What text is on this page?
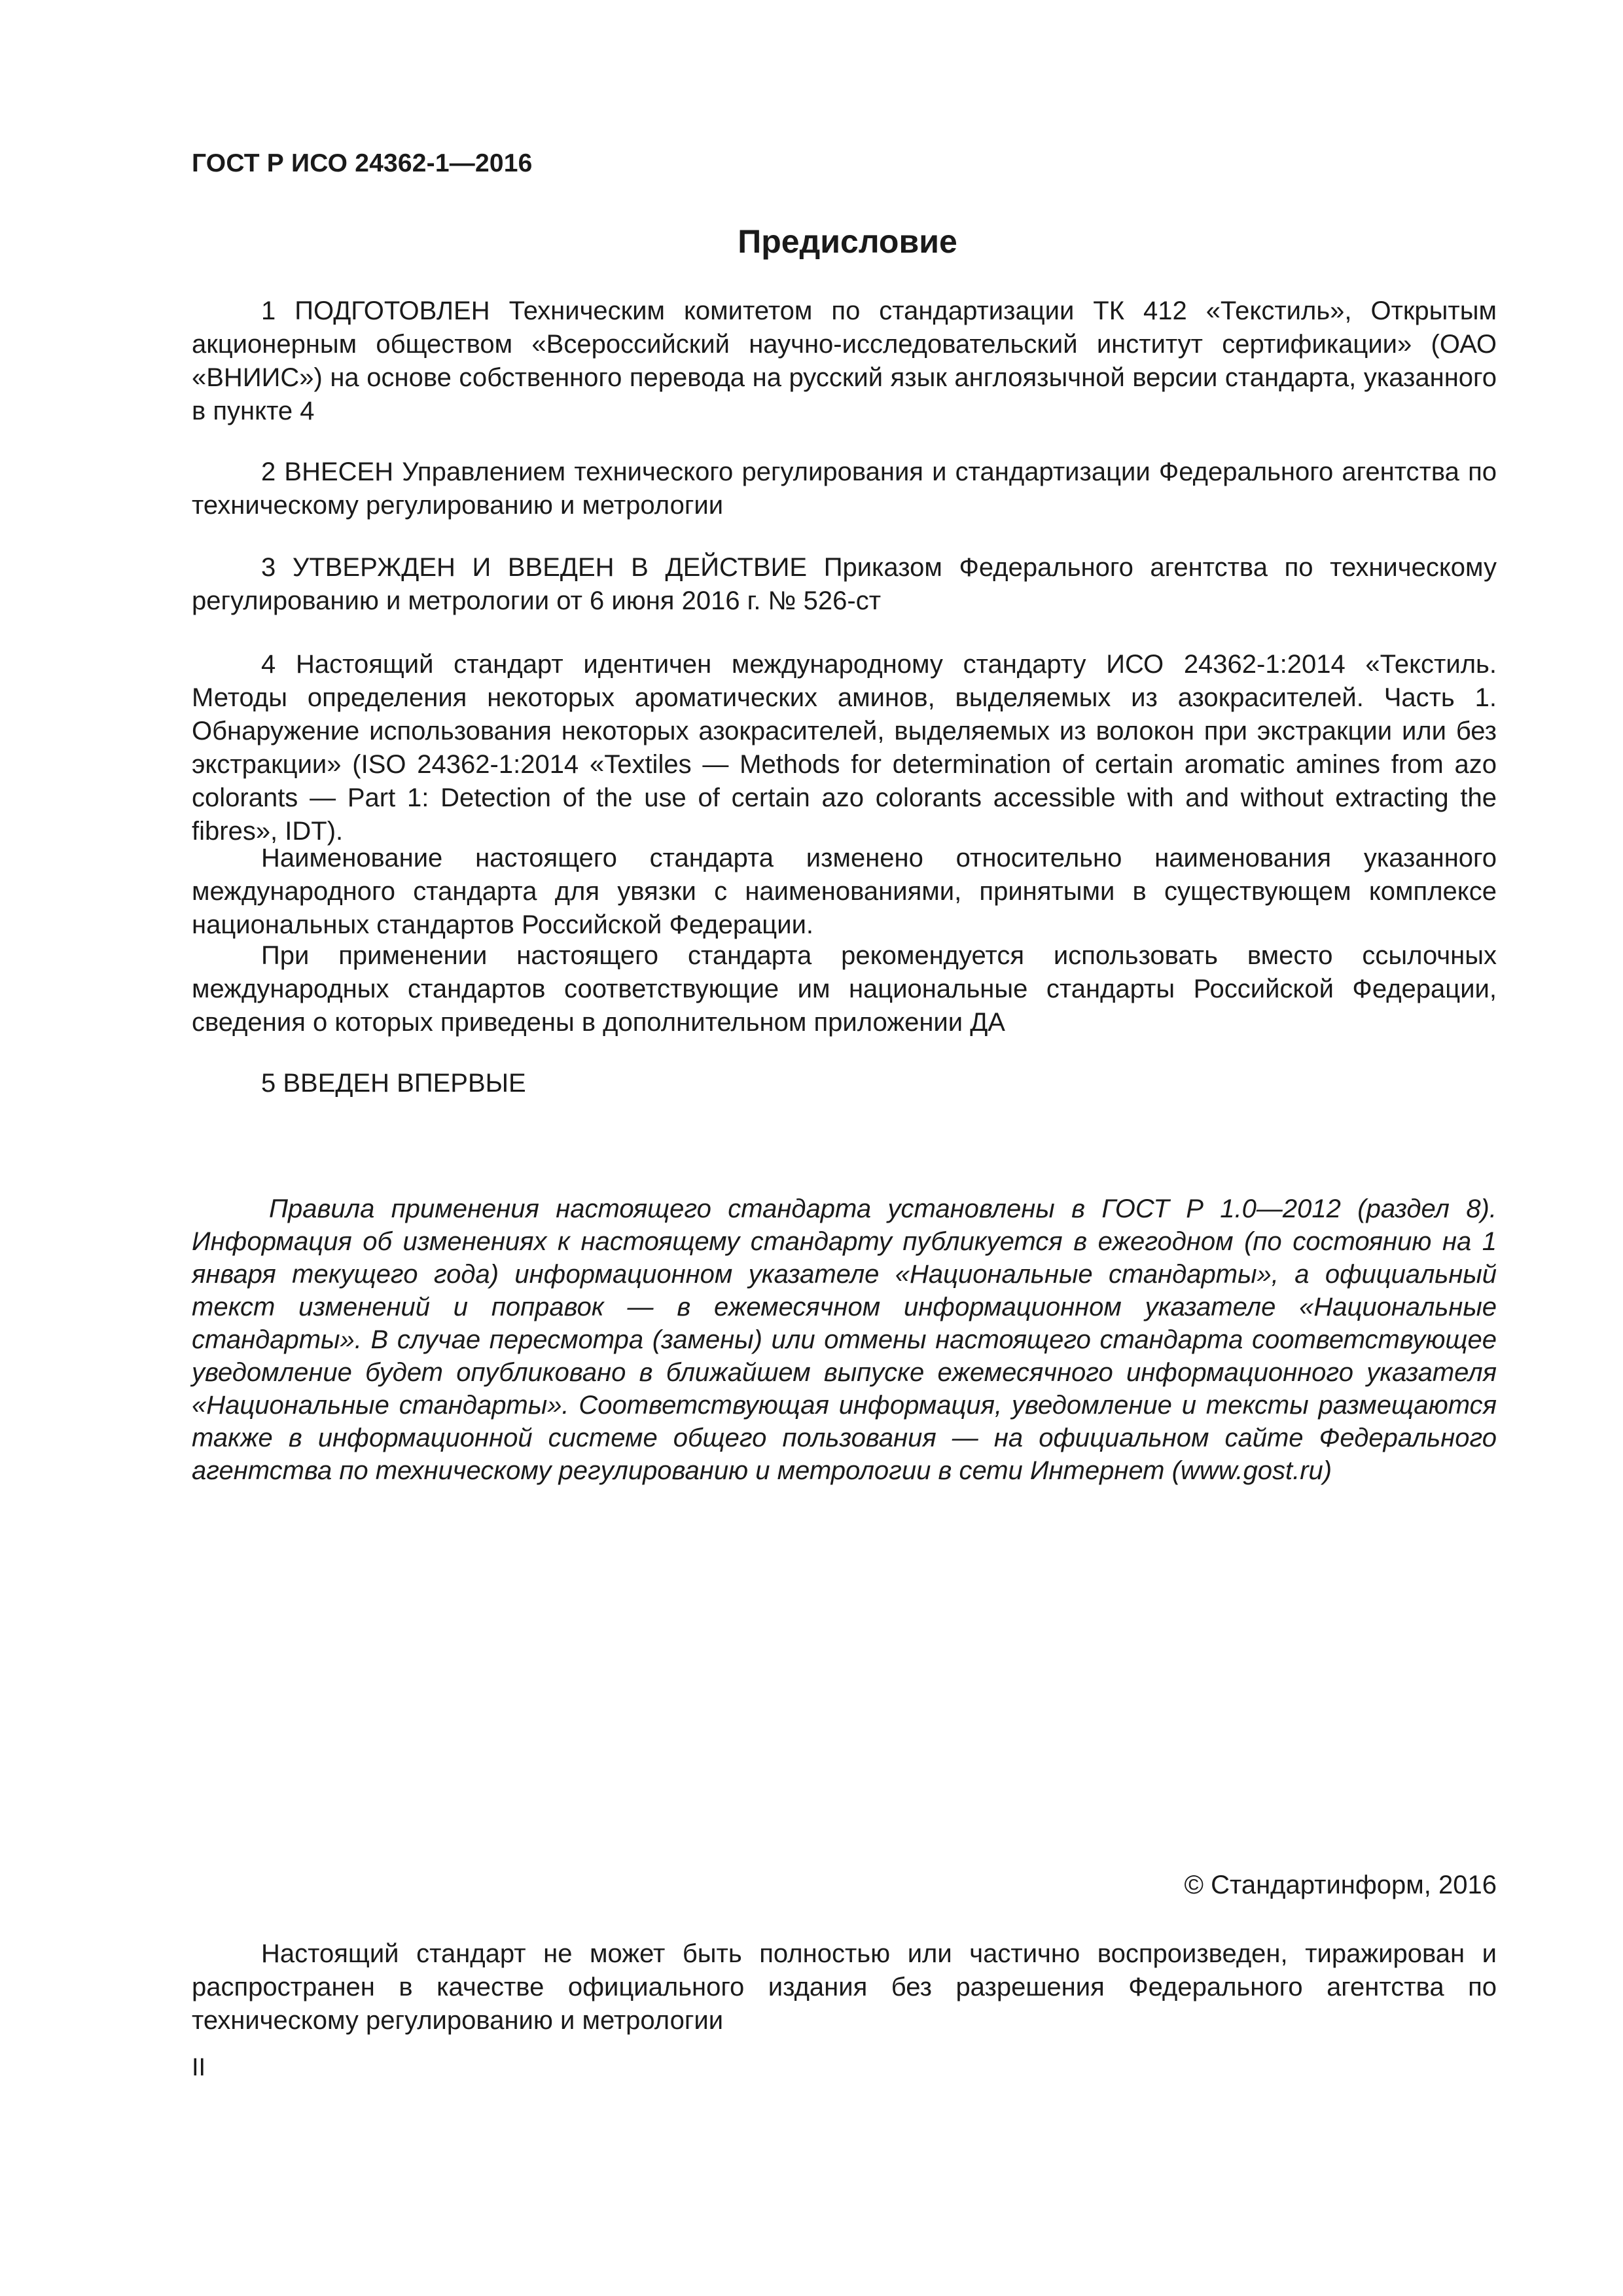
ГОСТ Р ИСО 24362-1—2016
Предисловие

1 ПОДГОТОВЛЕН Техническим комитетом по стандартизации ТК 412 «Текстиль», Открытым акционерным обществом «Всероссийский научно-исследовательский институт сертификации» (ОАО «ВНИИС») на основе собственного перевода на русский язык англоязычной версии стандарта, указанного в пункте 4

2 ВНЕСЕН Управлением технического регулирования и стандартизации Федерального агентства по техническому регулированию и метрологии

3 УТВЕРЖДЕН И ВВЕДЕН В ДЕЙСТВИЕ Приказом Федерального агентства по техническому регулированию и метрологии от 6 июня 2016 г. № 526-ст

4 Настоящий стандарт идентичен международному стандарту ИСО 24362-1:2014 «Текстиль. Методы определения некоторых ароматических аминов, выделяемых из азокрасителей. Часть 1. Обнаружение использования некоторых азокрасителей, выделяемых из волокон при экстракции или без экстракции» (ISO 24362-1:2014 «Textiles — Methods for determination of certain aromatic amines from azo colorants — Part 1: Detection of the use of certain azo colorants accessible with and without extracting the fibres», IDT).

Наименование настоящего стандарта изменено относительно наименования указанного международного стандарта для увязки с наименованиями, принятыми в существующем комплексе национальных стандартов Российской Федерации.

При применении настоящего стандарта рекомендуется использовать вместо ссылочных международных стандартов соответствующие им национальные стандарты Российской Федерации, сведения о которых приведены в дополнительном приложении ДА

5 ВВЕДЕН ВПЕРВЫЕ

Правила применения настоящего стандарта установлены в ГОСТ Р 1.0—2012 (раздел 8). Информация об изменениях к настоящему стандарту публикуется в ежегодном (по состоянию на 1 января текущего года) информационном указателе «Национальные стандарты», а официальный текст изменений и поправок — в ежемесячном информационном указателе «Национальные стандарты». В случае пересмотра (замены) или отмены настоящего стандарта соответствующее уведомление будет опубликовано в ближайшем выпуске ежемесячного информационного указателя «Национальные стандарты». Соответствующая информация, уведомление и тексты размещаются также в информационной системе общего пользования — на официальном сайте Федерального агентства по техническому регулированию и метрологии в сети Интернет (www.gost.ru)

© Стандартинформ, 2016

Настоящий стандарт не может быть полностью или частично воспроизведен, тиражирован и распространен в качестве официального издания без разрешения Федерального агентства по техническому регулированию и метрологии

II
